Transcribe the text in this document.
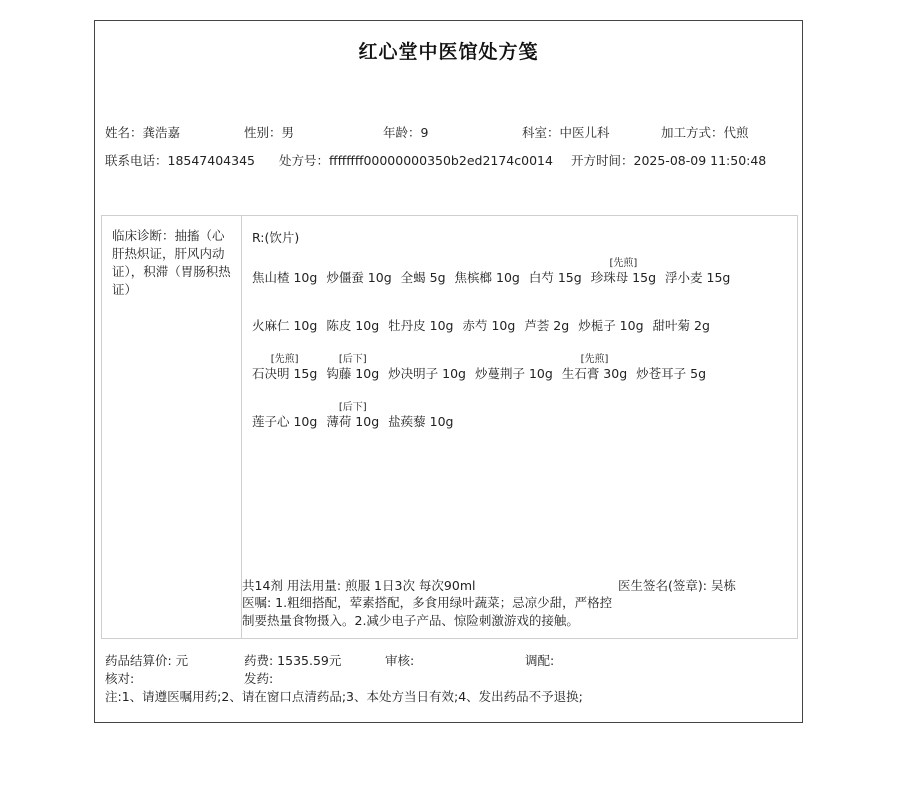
红心堂中医馆处方笺
姓名：龚浩嘉	性别：男	年龄：9	科室：中医儿科	加工方式：代煎
联系电话：18547404345 处方号：ffffffff00000000350b2ed2174c0014 开方时间：2025-08-09 11:50:48
临床诊断：抽搐（心肝热炽证，肝风内动证），积滞（胃肠积热证）
R:(饮片)
焦山楂 10g 炒僵蚕 10g 全蝎 5g 焦槟榔 10g 白芍 15g
[先煎]
珍珠母 15g 浮小麦 15g
火麻仁 10g 陈皮 10g 牡丹皮 10g 赤芍 10g 芦荟 2g 炒栀子 10g 甜叶菊 2g
[先煎]
石决明 15g
[后下]
钩藤 10g 炒决明子 10g 炒蔓荆子 10g
[先煎]
生石膏 30g 炒苍耳子 5g
莲子心 10g
[后下]
薄荷 10g 盐蒺藜 10g
共14剂 用法用量: 煎服 1日3次 每次90ml	医生签名(签章): 吴栋
医嘱: 1.粗细搭配，荤素搭配，多食用绿叶蔬菜；忌凉少甜，严格控制要热量食物摄入。2.减少电子产品、惊险刺激游戏的接触。
药品结算价: 元	药费: 1535.59元	审核:	调配:
核对:	发药:
注:1、请遵医嘱用药;2、请在窗口点清药品;3、本处方当日有效;4、发出药品不予退换;
